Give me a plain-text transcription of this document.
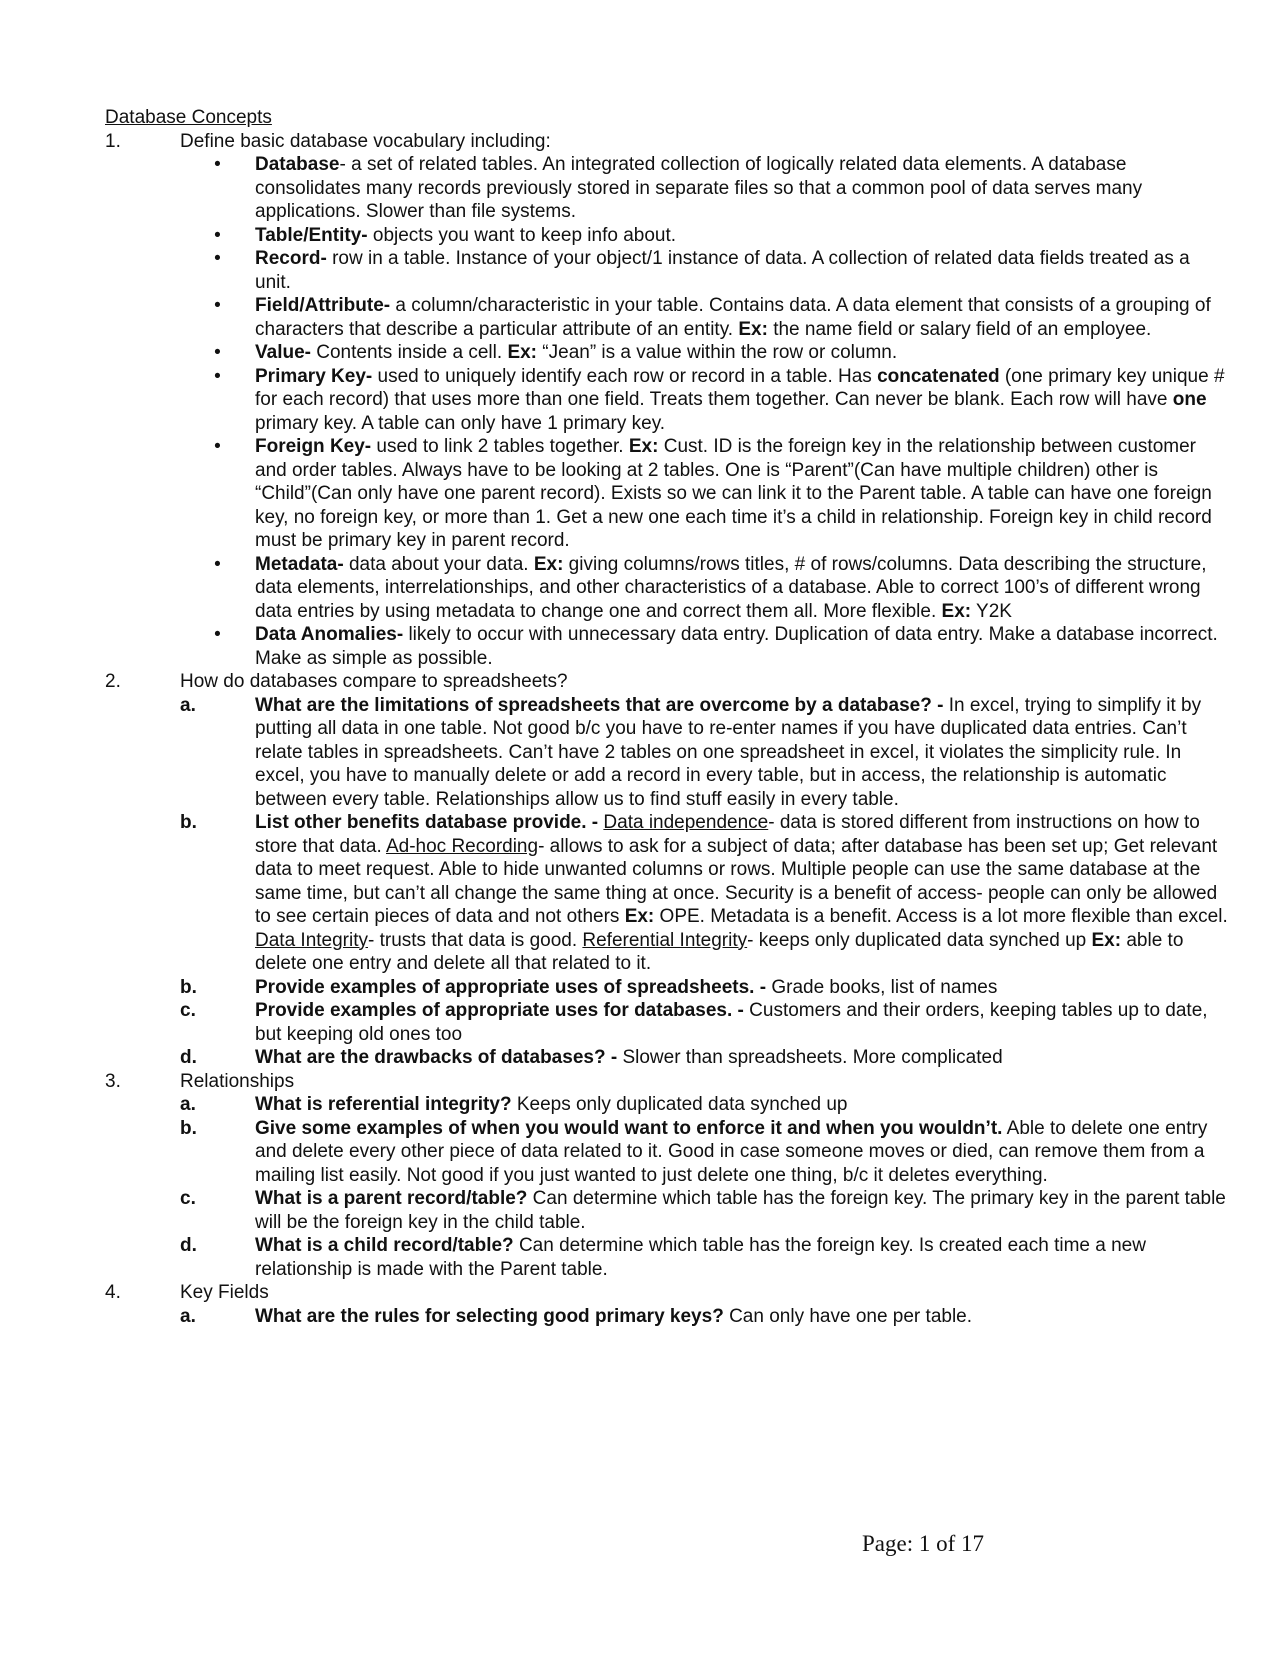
Database Concepts
1.	Define basic database vocabulary including:
•	Database- a set of related tables. An integrated collection of logically related data elements. A database consolidates many records previously stored in separate files so that a common pool of data serves many applications. Slower than file systems.
•	Table/Entity- objects you want to keep info about.
•	Record- row in a table. Instance of your object/1 instance of data. A collection of related data fields treated as a unit.
•	Field/Attribute- a column/characteristic in your table. Contains data. A data element that consists of a grouping of characters that describe a particular attribute of an entity. Ex: the name field or salary field of an employee.
•	Value- Contents inside a cell. Ex: “Jean” is a value within the row or column.
•	Primary Key- used to uniquely identify each row or record in a table. Has concatenated (one primary key unique # for each record) that uses more than one field. Treats them together. Can never be blank. Each row will have one primary key. A table can only have 1 primary key.
•	Foreign Key- used to link 2 tables together. Ex: Cust. ID is the foreign key in the relationship between customer and order tables. Always have to be looking at 2 tables. One is “Parent”(Can have multiple children) other is “Child”(Can only have one parent record). Exists so we can link it to the Parent table. A table can have one foreign key, no foreign key, or more than 1. Get a new one each time it’s a child in relationship. Foreign key in child record must be primary key in parent record.
•	Metadata- data about your data. Ex: giving columns/rows titles, # of rows/columns. Data describing the structure, data elements, interrelationships, and other characteristics of a database. Able to correct 100’s of different wrong data entries by using metadata to change one and correct them all. More flexible. Ex: Y2K
•	Data Anomalies- likely to occur with unnecessary data entry. Duplication of data entry. Make a database incorrect. Make as simple as possible.
2.	How do databases compare to spreadsheets?
a.	What are the limitations of spreadsheets that are overcome by a database? - In excel, trying to simplify it by putting all data in one table. Not good b/c you have to re-enter names if you have duplicated data entries. Can’t relate tables in spreadsheets. Can’t have 2 tables on one spreadsheet in excel, it violates the simplicity rule. In excel, you have to manually delete or add a record in every table, but in access, the relationship is automatic between every table. Relationships allow us to find stuff easily in every table.
b.	List other benefits database provide. - Data independence- data is stored different from instructions on how to store that data. Ad-hoc Recording- allows to ask for a subject of data; after database has been set up; Get relevant data to meet request. Able to hide unwanted columns or rows. Multiple people can use the same database at the same time, but can’t all change the same thing at once. Security is a benefit of access- people can only be allowed to see certain pieces of data and not others Ex: OPE. Metadata is a benefit. Access is a lot more flexible than excel. Data Integrity- trusts that data is good. Referential Integrity- keeps only duplicated data synched up Ex: able to delete one entry and delete all that related to it.
b.	Provide examples of appropriate uses of spreadsheets. - Grade books, list of names
c.	Provide examples of appropriate uses for databases. - Customers and their orders, keeping tables up to date, but keeping old ones too
d.	What are the drawbacks of databases? - Slower than spreadsheets. More complicated
3.	Relationships
a.	What is referential integrity? Keeps only duplicated data synched up
b.	Give some examples of when you would want to enforce it and when you wouldn’t. Able to delete one entry and delete every other piece of data related to it. Good in case someone moves or died, can remove them from a mailing list easily. Not good if you just wanted to just delete one thing, b/c it deletes everything.
c.	What is a parent record/table? Can determine which table has the foreign key. The primary key in the parent table will be the foreign key in the child table.
d.	What is a child record/table? Can determine which table has the foreign key. Is created each time a new relationship is made with the Parent table.
4.	Key Fields
a.	What are the rules for selecting good primary keys? Can only have one per table.
Page: 1 of 17
